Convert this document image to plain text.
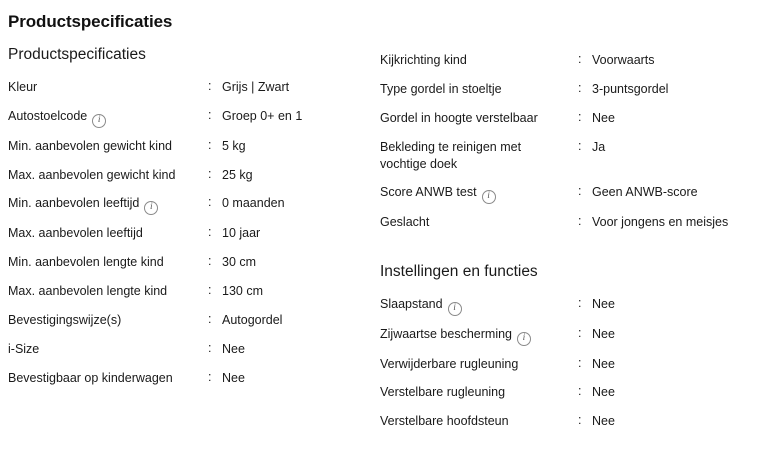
Productspecificaties
Productspecificaties
Kleur	:	Grijs | Zwart
Autostoelcode i	:	Groep 0+ en 1
Min. aanbevolen gewicht kind	:	5 kg
Max. aanbevolen gewicht kind	:	25 kg
Min. aanbevolen leeftijd i	:	0 maanden
Max. aanbevolen leeftijd	:	10 jaar
Min. aanbevolen lengte kind	:	30 cm
Max. aanbevolen lengte kind	:	130 cm
Bevestigingswijze(s)	:	Autogordel
i-Size	:	Nee
Bevestigbaar op kinderwagen	:	Nee
Kijkrichting kind	:	Voorwaarts
Type gordel in stoeltje	:	3-puntsgordel
Gordel in hoogte verstelbaar	:	Nee
Bekleding te reinigen met vochtige doek	:	Ja
Score ANWB test i	:	Geen ANWB-score
Geslacht	:	Voor jongens en meisjes
Instellingen en functies
Slaapstand i	:	Nee
Zijwaartse bescherming i	:	Nee
Verwijderbare rugleuning	:	Nee
Verstelbare rugleuning	:	Nee
Verstelbare hoofdsteun	:	Nee
